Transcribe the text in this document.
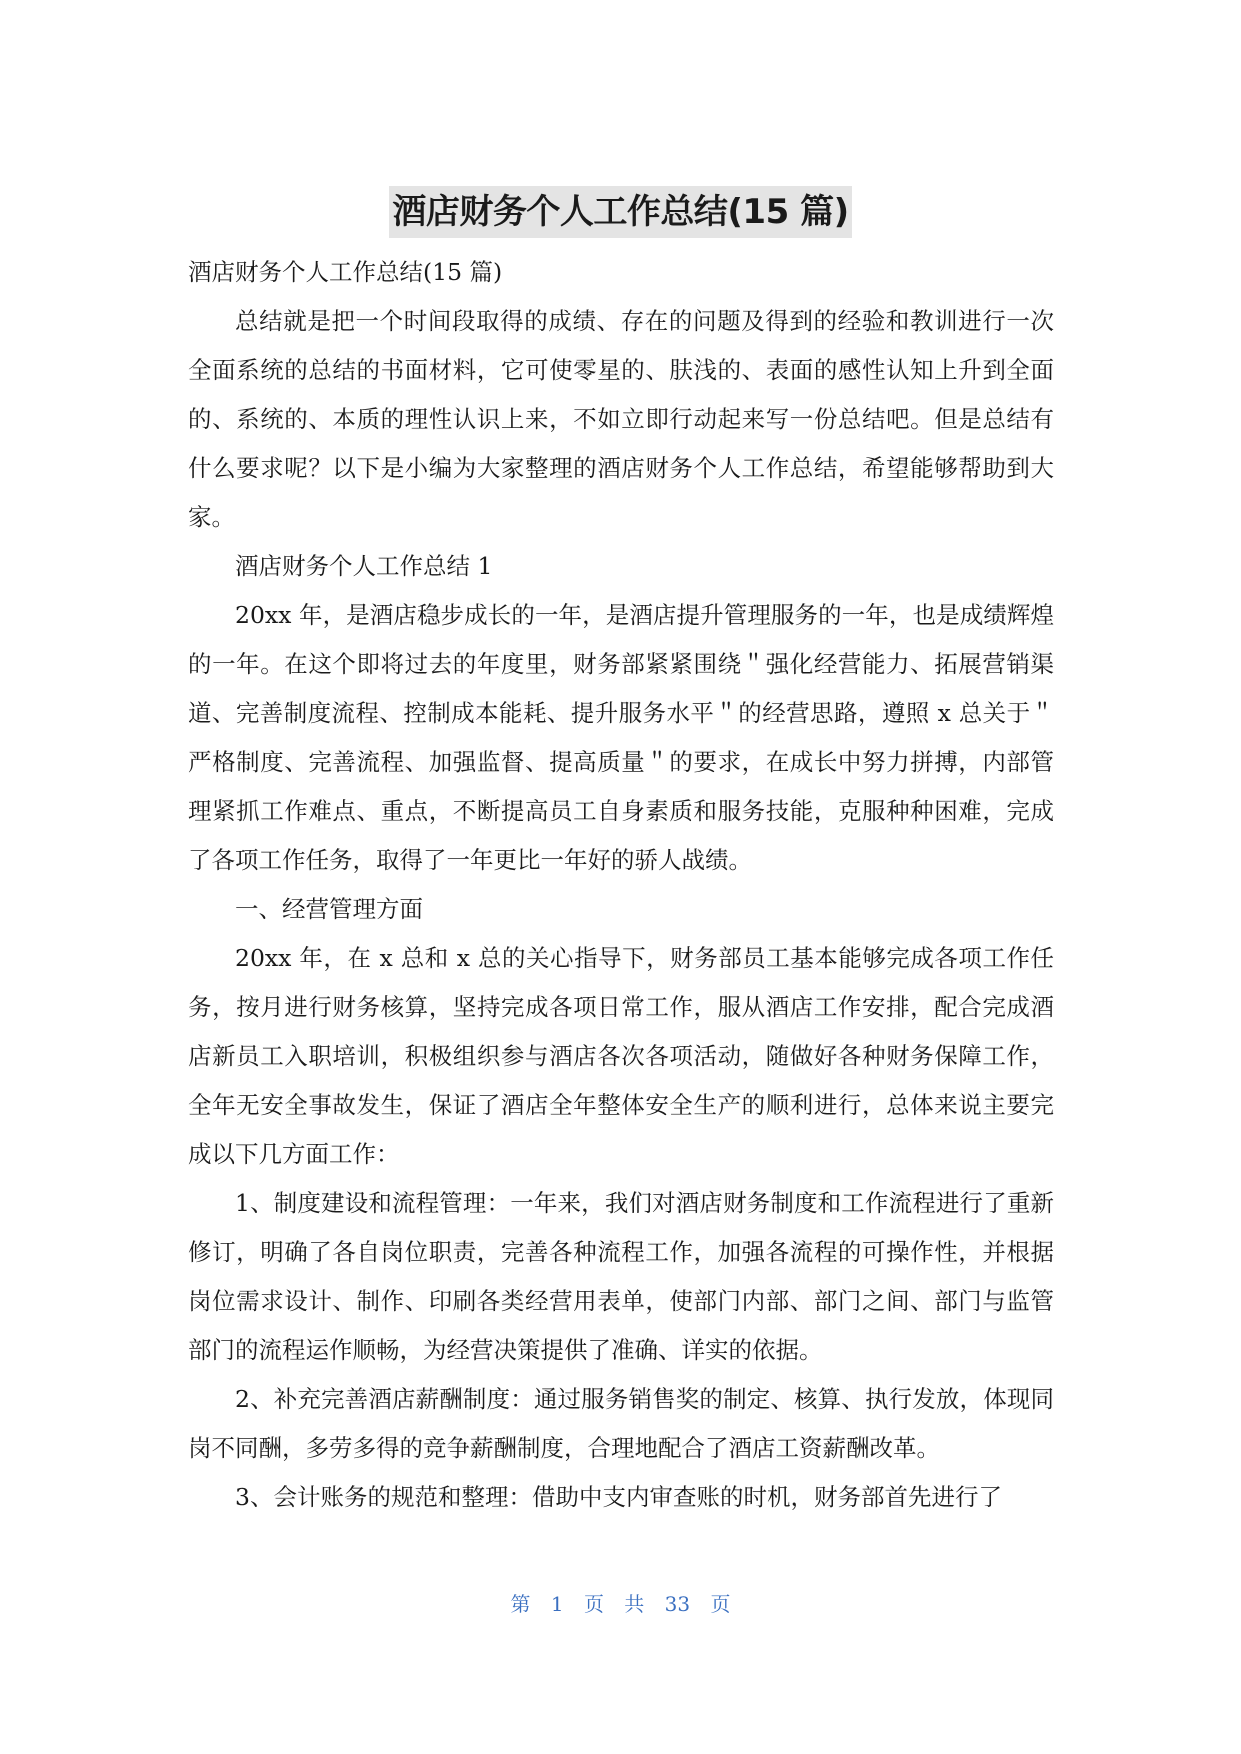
酒店财务个人工作总结(15 篇)

酒店财务个人工作总结(15 篇)

总结就是把一个时间段取得的成绩、存在的问题及得到的经验和教训进行一次全面系统的总结的书面材料，它可使零星的、肤浅的、表面的感性认知上升到全面的、系统的、本质的理性认识上来，不如立即行动起来写一份总结吧。但是总结有什么要求呢？以下是小编为大家整理的酒店财务个人工作总结，希望能够帮助到大家。

酒店财务个人工作总结 1

20xx 年，是酒店稳步成长的一年，是酒店提升管理服务的一年，也是成绩辉煌的一年。在这个即将过去的年度里，财务部紧紧围绕＂强化经营能力、拓展营销渠道、完善制度流程、控制成本能耗、提升服务水平＂的经营思路，遵照 x 总关于＂严格制度、完善流程、加强监督、提高质量＂的要求，在成长中努力拼搏，内部管理紧抓工作难点、重点，不断提高员工自身素质和服务技能，克服种种困难，完成了各项工作任务，取得了一年更比一年好的骄人战绩。

一、经营管理方面

20xx 年，在 x 总和 x 总的关心指导下，财务部员工基本能够完成各项工作任务，按月进行财务核算，坚持完成各项日常工作，服从酒店工作安排，配合完成酒店新员工入职培训，积极组织参与酒店各次各项活动，随做好各种财务保障工作，全年无安全事故发生，保证了酒店全年整体安全生产的顺利进行，总体来说主要完成以下几方面工作：

1、制度建设和流程管理：一年来，我们对酒店财务制度和工作流程进行了重新修订，明确了各自岗位职责，完善各种流程工作，加强各流程的可操作性，并根据岗位需求设计、制作、印刷各类经营用表单，使部门内部、部门之间、部门与监管部门的流程运作顺畅，为经营决策提供了准确、详实的依据。

2、补充完善酒店薪酬制度：通过服务销售奖的制定、核算、执行发放，体现同岗不同酬，多劳多得的竞争薪酬制度，合理地配合了酒店工资薪酬改革。

3、会计账务的规范和整理：借助中支内审查账的时机，财务部首先进行了

第 1 页 共 33 页
